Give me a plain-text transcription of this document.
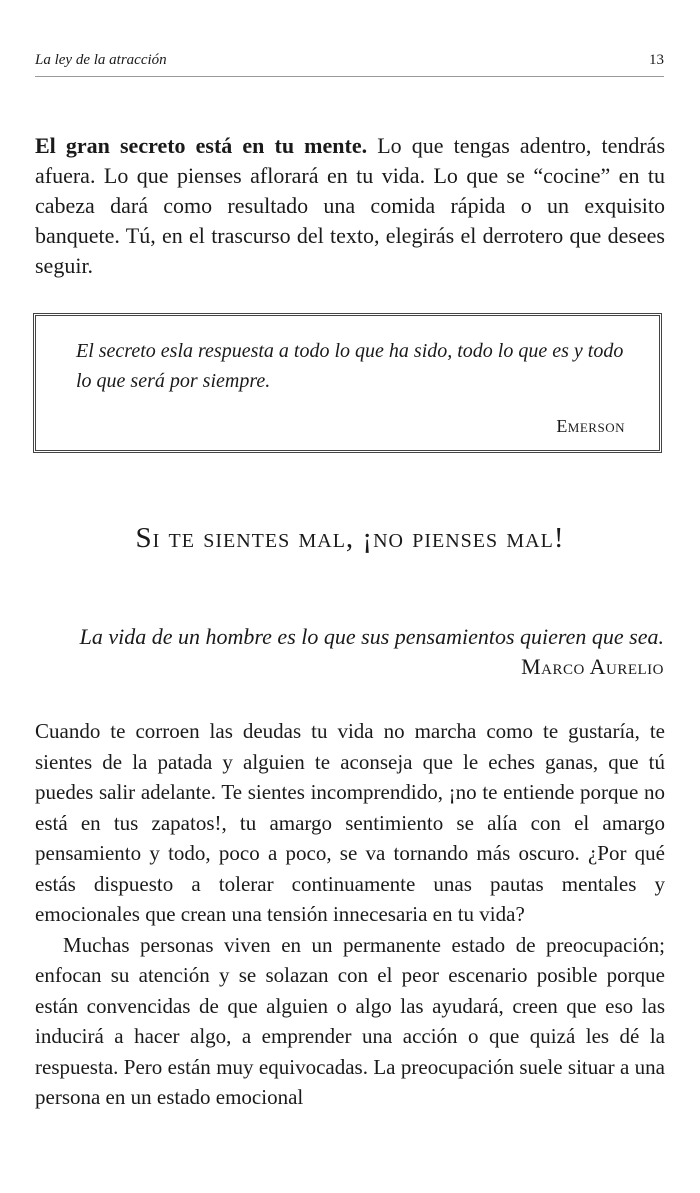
La ley de la atracción	13

El gran secreto está en tu mente. Lo que tengas adentro, tendrás afuera. Lo que pienses aflorará en tu vida. Lo que se “cocine” en tu cabeza dará como resultado una comida rápida o un exquisito banquete. Tú, en el trascurso del texto, elegirás el derrotero que desees seguir.

El secreto esla respuesta a todo lo que ha sido, todo lo que es y todo lo que será por siempre.

Emerson
Si te sientes mal, ¡no pienses mal!
La vida de un hombre es lo que sus pensamientos quieren que sea.
Marco Aurelio

Cuando te corroen las deudas tu vida no marcha como te gustaría, te sientes de la patada y alguien te aconseja que le eches ganas, que tú puedes salir adelante. Te sientes incomprendido, ¡no te entiende porque no está en tus zapatos!, tu amargo sentimiento se alía con el amargo pensamiento y todo, poco a poco, se va tornando más oscuro. ¿Por qué estás dispuesto a tolerar continuamente unas pautas mentales y emocionales que crean una tensión innecesaria en tu vida?

Muchas personas viven en un permanente estado de preocupación; enfocan su atención y se solazan con el peor escenario posible porque están convencidas de que alguien o algo las ayudará, creen que eso las inducirá a hacer algo, a emprender una acción o que quizá les dé la respuesta. Pero están muy equivocadas. La preocupación suele situar a una persona en un estado emocional
